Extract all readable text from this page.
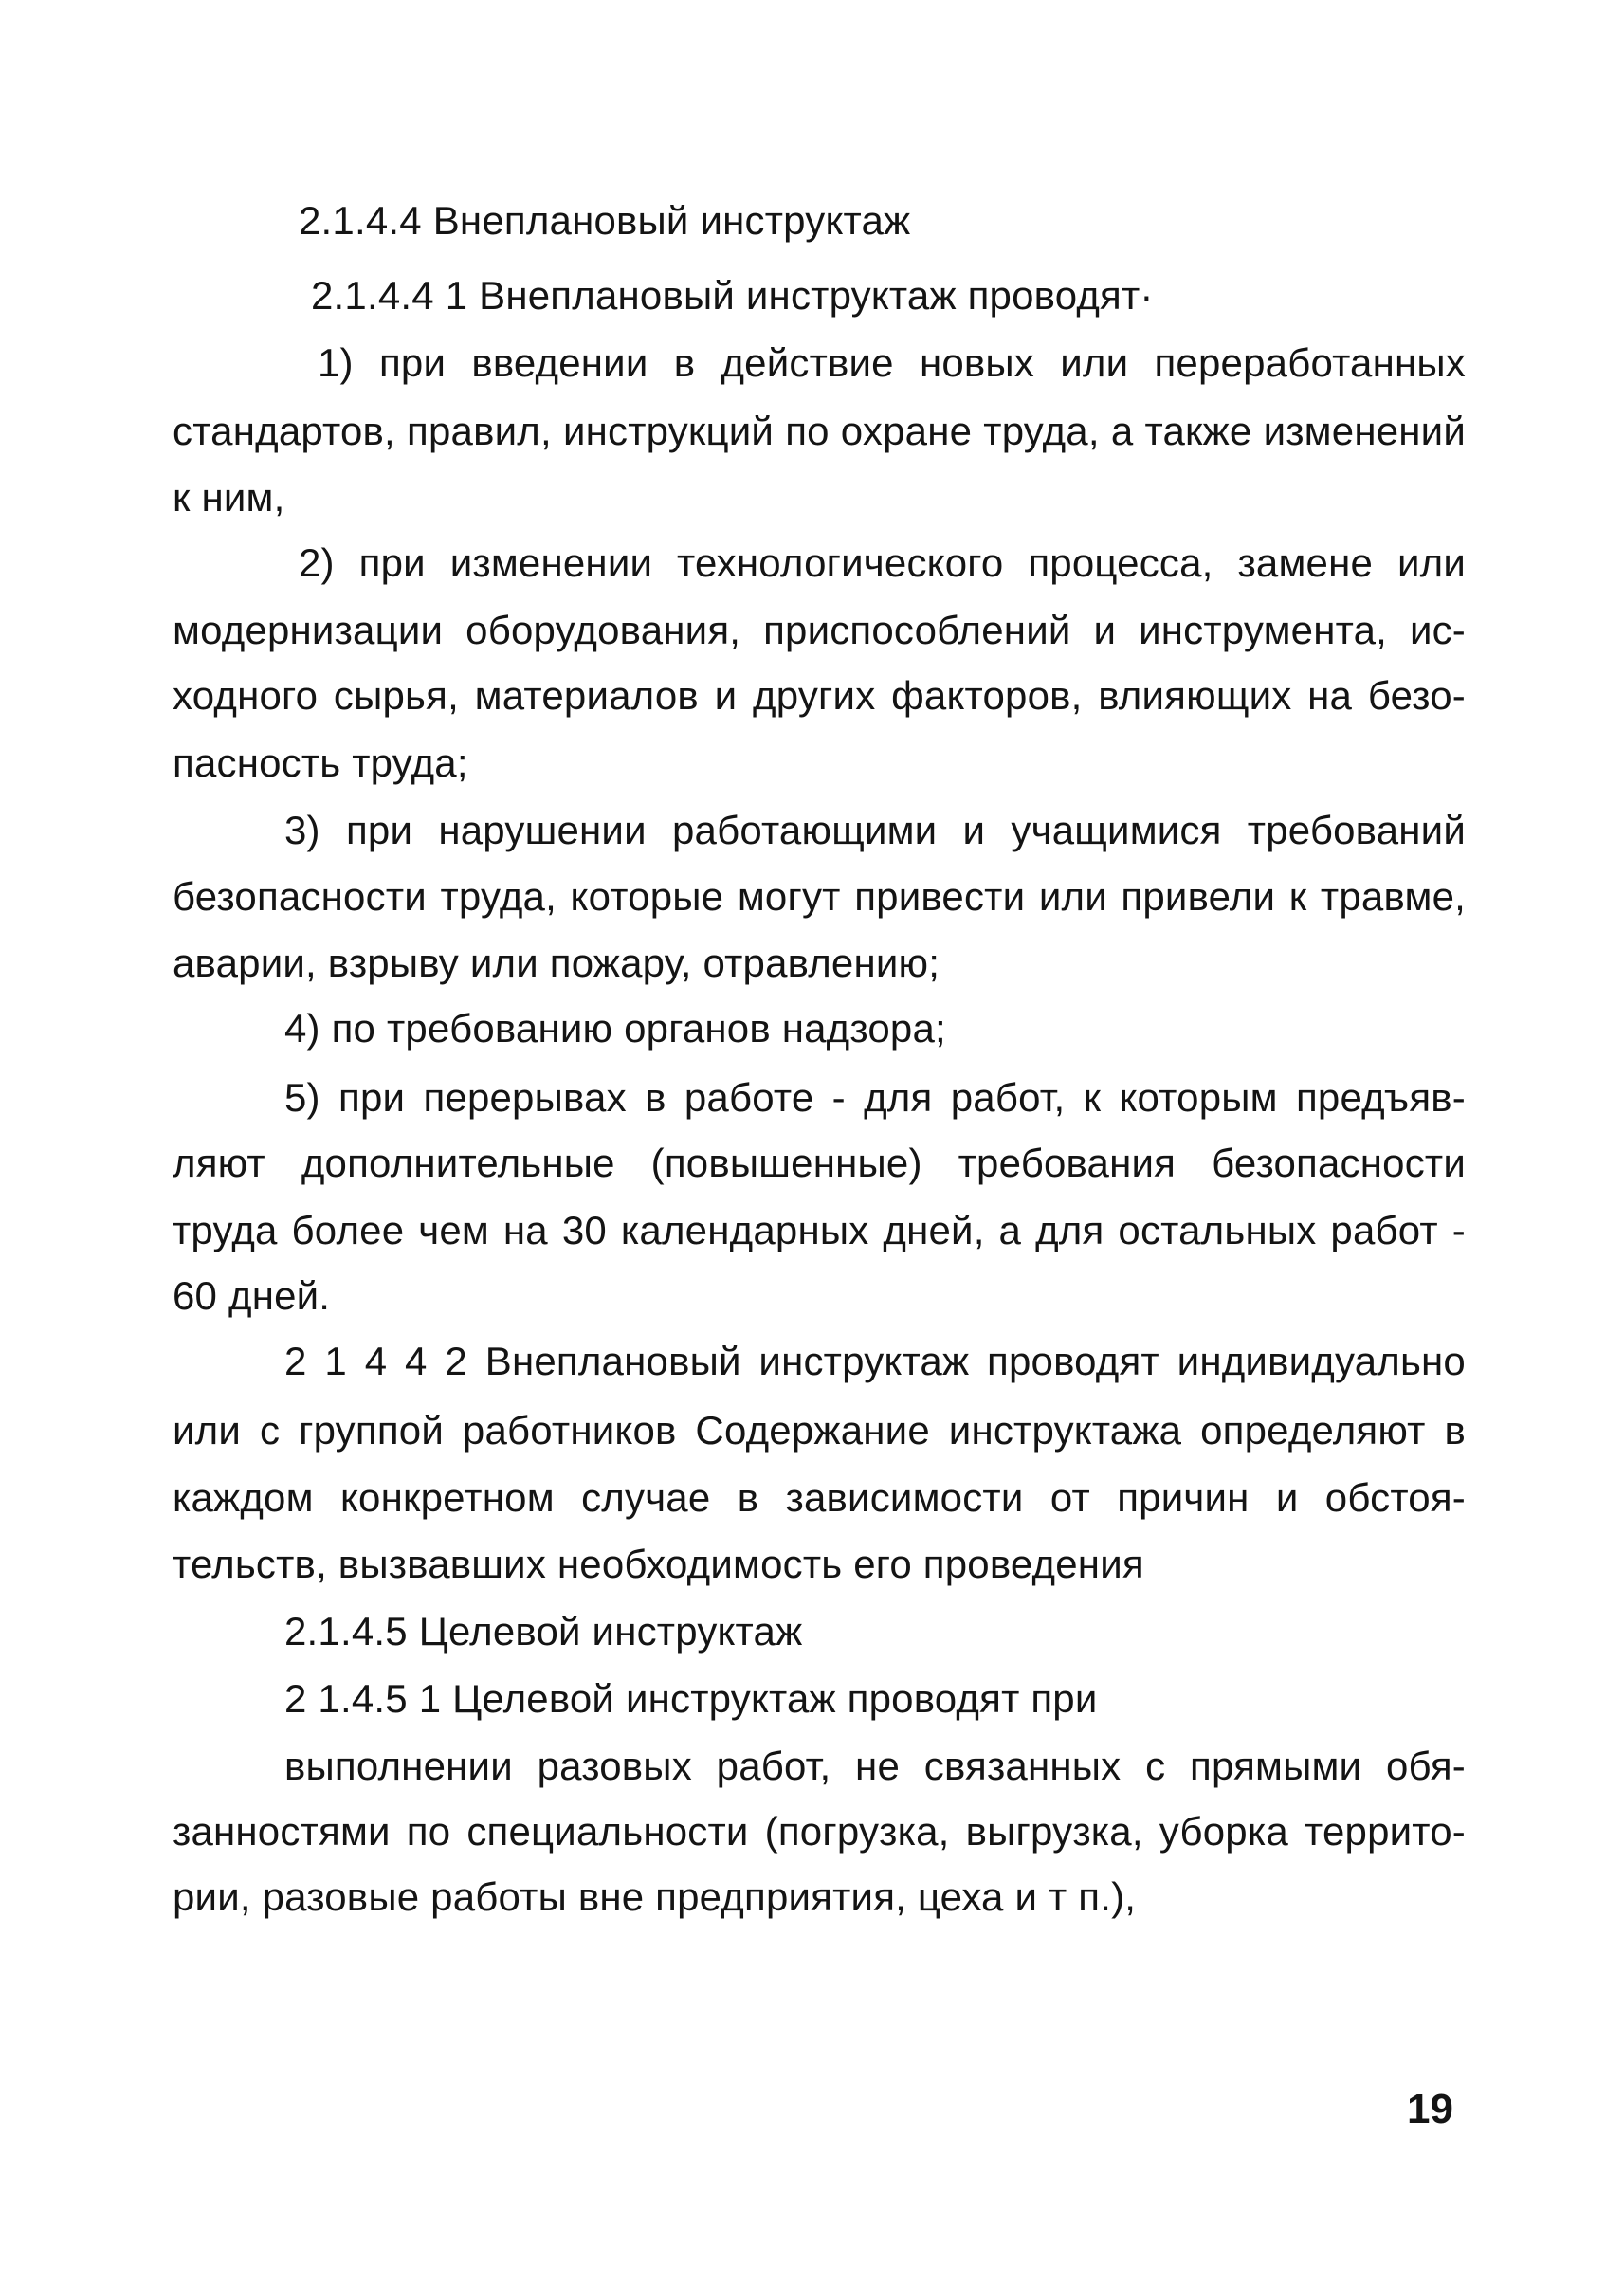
2.1.4.4 Внеплановый инструктаж

2.1.4.4 1 Внеплановый инструктаж проводят·

1) при введении в действие новых или переработанных

стандартов, правил, инструкций по охране труда, а также изменений

к ним,

2) при изменении технологического процесса, замене или

модернизации оборудования, приспособлений и инструмента, ис-

ходного сырья, материалов и других факторов, влияющих на безо-

пасность труда;

3) при нарушении работающими и учащимися требований

безопасности труда, которые могут привести или привели к травме,

аварии, взрыву или пожару, отравлению;

4) по требованию органов надзора;

5) при перерывах в работе - для работ, к которым предъяв-

ляют дополнительные (повышенные) требования безопасности

труда более чем на 30 календарных дней, а для остальных работ -

60 дней.

2 1 4 4 2 Внеплановый инструктаж проводят индивидуально

или с группой работников Содержание инструктажа определяют в

каждом конкретном случае в зависимости от причин и обстоя-

тельств, вызвавших необходимость его проведения

2.1.4.5 Целевой инструктаж

2 1.4.5 1 Целевой инструктаж проводят при

выполнении разовых работ, не связанных с прямыми обя-

занностями по специальности (погрузка, выгрузка, уборка террито-

рии, разовые работы вне предприятия, цеха и т п.),

19
